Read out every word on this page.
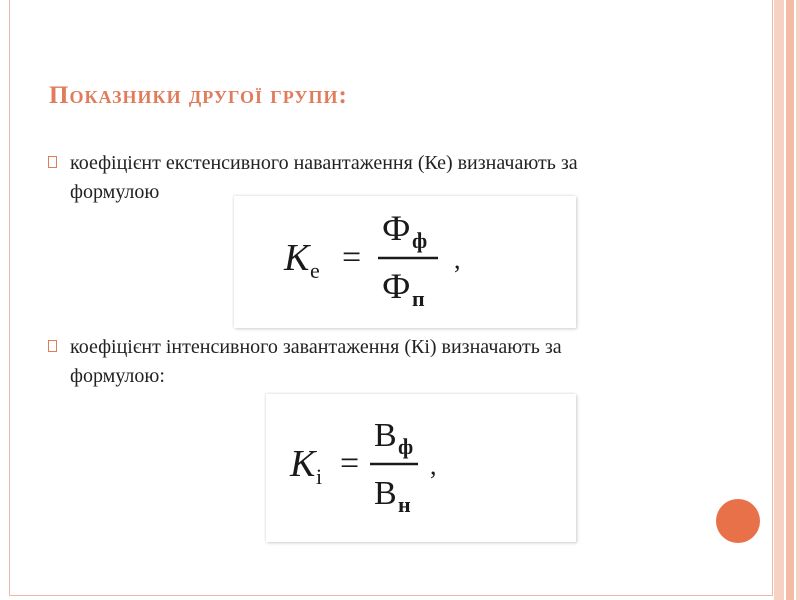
Показники другої групи:
коефіцієнт екстенсивного навантаження (Ке) визначають за формулою
K e =
Ф ф
Ф п
,
коефіцієнт інтенсивного завантаження (Кі) визначають за формулою:
K і =
В ф
В н
,
